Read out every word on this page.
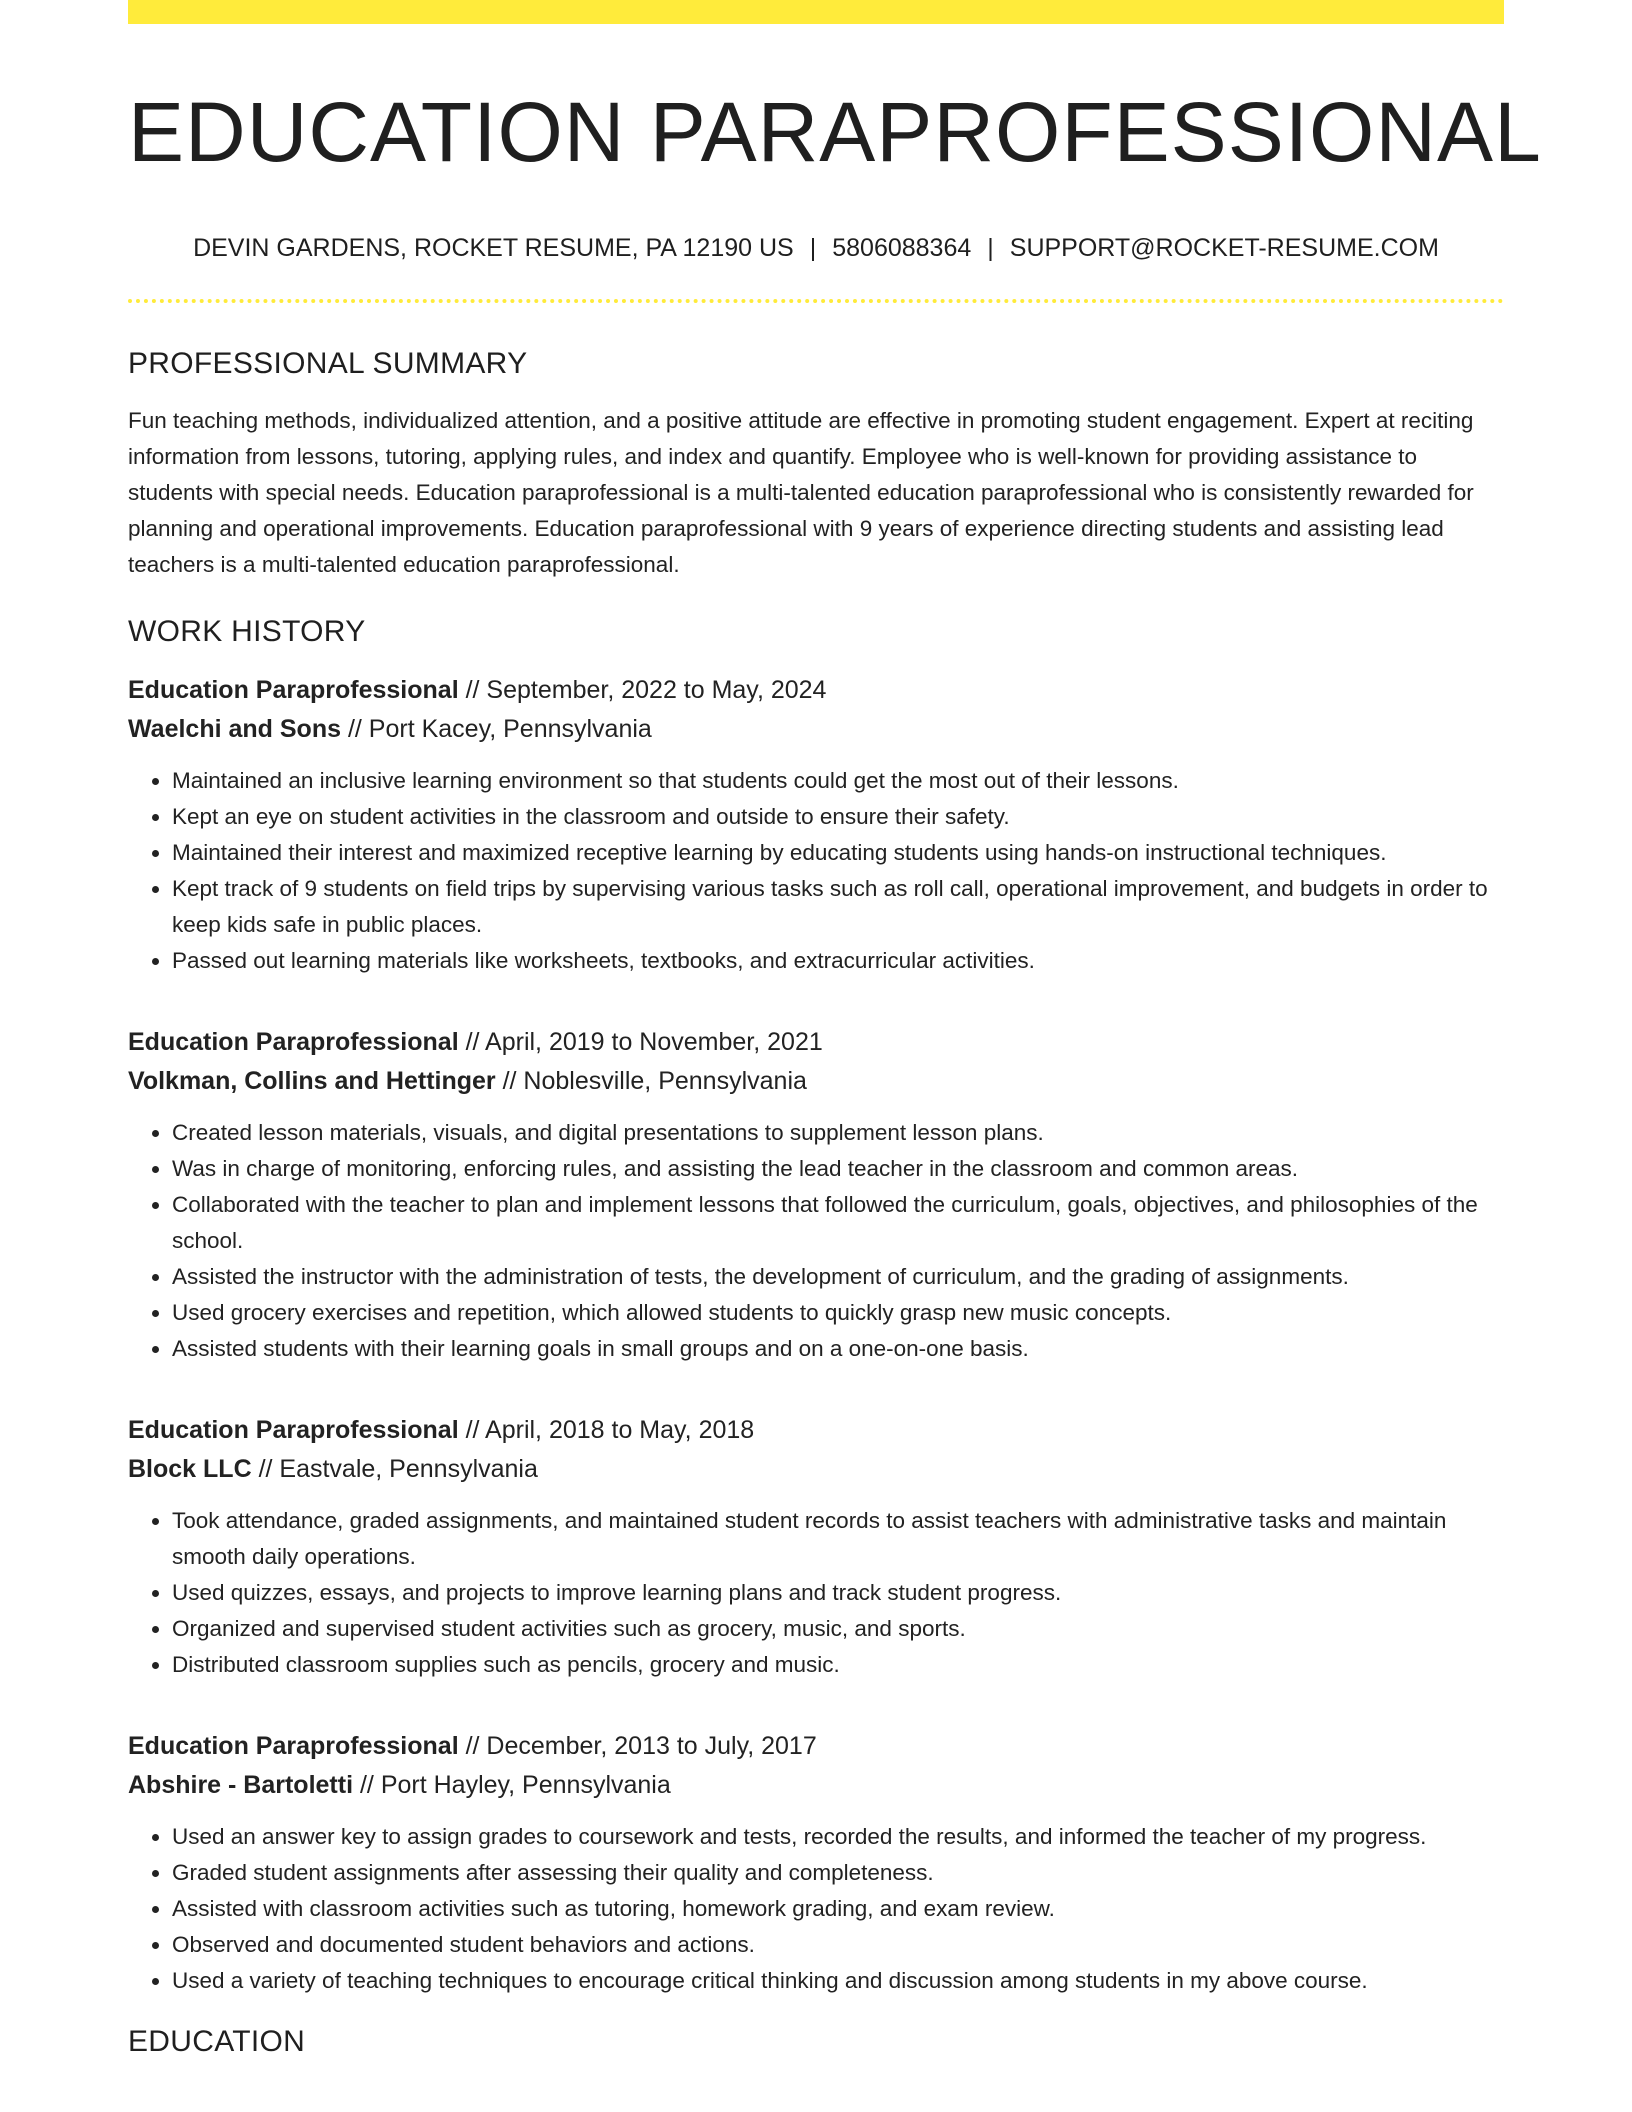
EDUCATION PARAPROFESSIONAL
DEVIN GARDENS, ROCKET RESUME, PA 12190 US | 5806088364 | SUPPORT@ROCKET-RESUME.COM
PROFESSIONAL SUMMARY
Fun teaching methods, individualized attention, and a positive attitude are effective in promoting student engagement. Expert at reciting information from lessons, tutoring, applying rules, and index and quantify. Employee who is well-known for providing assistance to students with special needs. Education paraprofessional is a multi-talented education paraprofessional who is consistently rewarded for planning and operational improvements. Education paraprofessional with 9 years of experience directing students and assisting lead teachers is a multi-talented education paraprofessional.
WORK HISTORY
Education Paraprofessional // September, 2022 to May, 2024
Waelchi and Sons // Port Kacey, Pennsylvania
• Maintained an inclusive learning environment so that students could get the most out of their lessons.
• Kept an eye on student activities in the classroom and outside to ensure their safety.
• Maintained their interest and maximized receptive learning by educating students using hands-on instructional techniques.
• Kept track of 9 students on field trips by supervising various tasks such as roll call, operational improvement, and budgets in order to keep kids safe in public places.
• Passed out learning materials like worksheets, textbooks, and extracurricular activities.
Education Paraprofessional // April, 2019 to November, 2021
Volkman, Collins and Hettinger // Noblesville, Pennsylvania
• Created lesson materials, visuals, and digital presentations to supplement lesson plans.
• Was in charge of monitoring, enforcing rules, and assisting the lead teacher in the classroom and common areas.
• Collaborated with the teacher to plan and implement lessons that followed the curriculum, goals, objectives, and philosophies of the school.
• Assisted the instructor with the administration of tests, the development of curriculum, and the grading of assignments.
• Used grocery exercises and repetition, which allowed students to quickly grasp new music concepts.
• Assisted students with their learning goals in small groups and on a one-on-one basis.
Education Paraprofessional // April, 2018 to May, 2018
Block LLC // Eastvale, Pennsylvania
• Took attendance, graded assignments, and maintained student records to assist teachers with administrative tasks and maintain smooth daily operations.
• Used quizzes, essays, and projects to improve learning plans and track student progress.
• Organized and supervised student activities such as grocery, music, and sports.
• Distributed classroom supplies such as pencils, grocery and music.
Education Paraprofessional // December, 2013 to July, 2017
Abshire - Bartoletti // Port Hayley, Pennsylvania
• Used an answer key to assign grades to coursework and tests, recorded the results, and informed the teacher of my progress.
• Graded student assignments after assessing their quality and completeness.
• Assisted with classroom activities such as tutoring, homework grading, and exam review.
• Observed and documented student behaviors and actions.
• Used a variety of teaching techniques to encourage critical thinking and discussion among students in my above course.
EDUCATION
